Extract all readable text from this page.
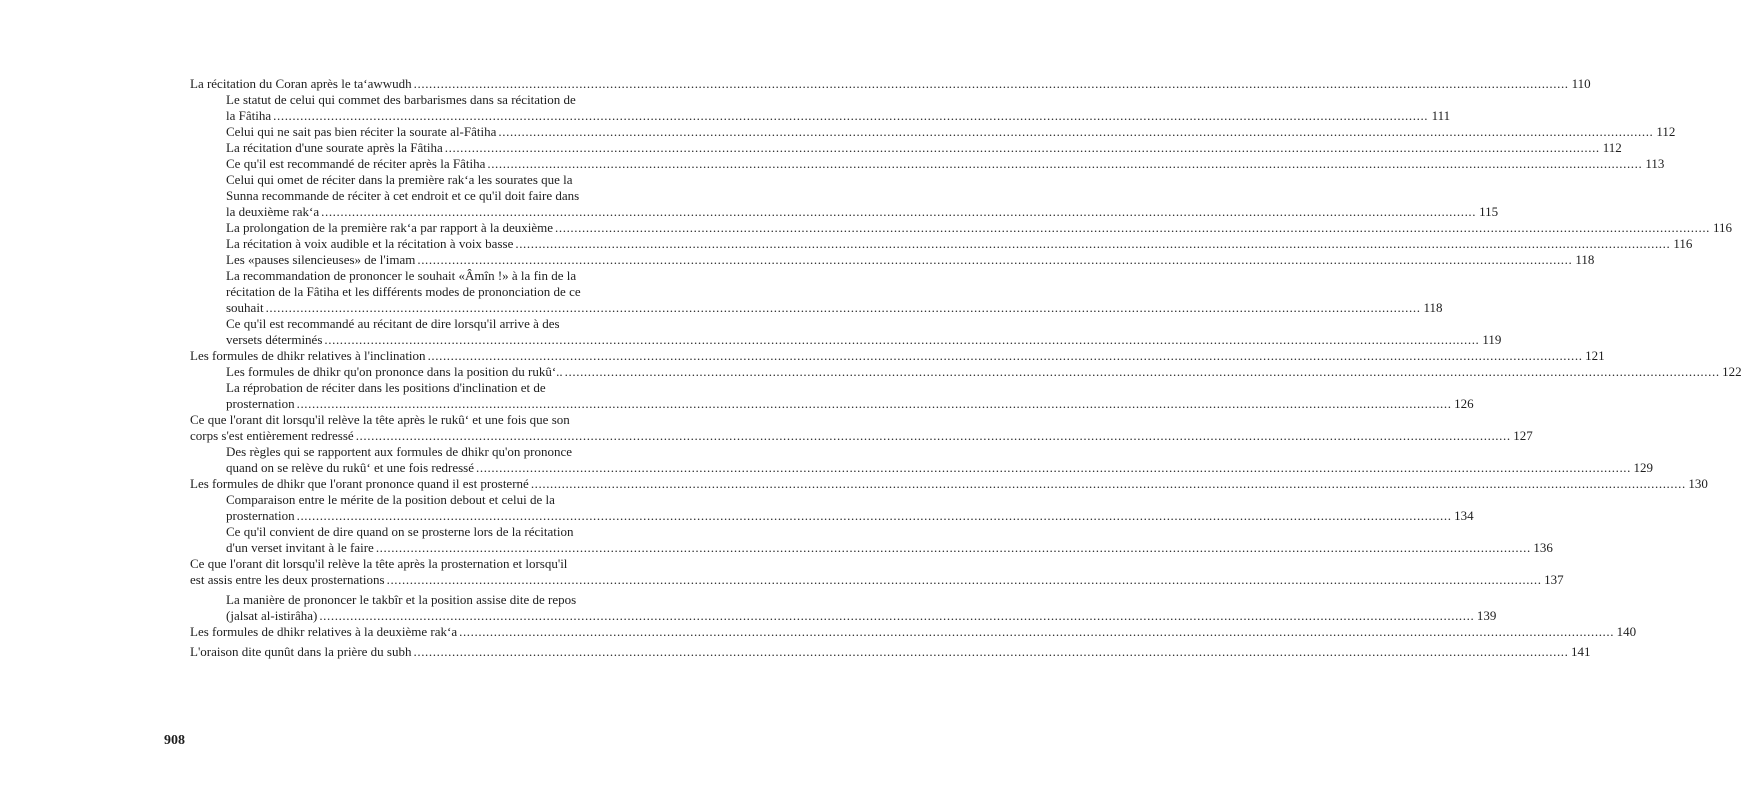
La récitation du Coran après le ta‘awwudh ............................................................................................................................................................................................................................................................................................................ 110
Le statut de celui qui commet des barbarismes dans sa récitation de
la Fâtiha ............................................................................................................................................................................................................................................................................................................ 111
Celui qui ne sait pas bien réciter la sourate al-Fâtiha ............................................................................................................................................................................................................................................................................................................ 112
La récitation d'une sourate après la Fâtiha ............................................................................................................................................................................................................................................................................................................ 112
Ce qu'il est recommandé de réciter après la Fâtiha ............................................................................................................................................................................................................................................................................................................ 113
Celui qui omet de réciter dans la première rak‘a les sourates que la
Sunna recommande de réciter à cet endroit et ce qu'il doit faire dans
la deuxième rak‘a ............................................................................................................................................................................................................................................................................................................ 115
La prolongation de la première rak‘a par rapport à la deuxième ............................................................................................................................................................................................................................................................................................................ 116
La récitation à voix audible et la récitation à voix basse ............................................................................................................................................................................................................................................................................................................ 116
Les «pauses silencieuses» de l'imam ............................................................................................................................................................................................................................................................................................................ 118
La recommandation de prononcer le souhait «Âmîn !» à la fin de la
récitation de la Fâtiha et les différents modes de prononciation de ce
souhait ............................................................................................................................................................................................................................................................................................................ 118
Ce qu'il est recommandé au récitant de dire lorsqu'il arrive à des
versets déterminés ............................................................................................................................................................................................................................................................................................................ 119
Les formules de dhikr relatives à l'inclination ............................................................................................................................................................................................................................................................................................................ 121
Les formules de dhikr qu'on prononce dans la position du rukû‘.. ............................................................................................................................................................................................................................................................................................................ 122
La réprobation de réciter dans les positions d'inclination et de
prosternation ............................................................................................................................................................................................................................................................................................................ 126
Ce que l'orant dit lorsqu'il relève la tête après le rukû‘ et une fois que son
corps s'est entièrement redressé ............................................................................................................................................................................................................................................................................................................ 127
Des règles qui se rapportent aux formules de dhikr qu'on prononce
quand on se relève du rukû‘ et une fois redressé ............................................................................................................................................................................................................................................................................................................ 129
Les formules de dhikr que l'orant prononce quand il est prosterné ............................................................................................................................................................................................................................................................................................................ 130
Comparaison entre le mérite de la position debout et celui de la
prosternation ............................................................................................................................................................................................................................................................................................................ 134
Ce qu'il convient de dire quand on se prosterne lors de la récitation
d'un verset invitant à le faire ............................................................................................................................................................................................................................................................................................................ 136
Ce que l'orant dit lorsqu'il relève la tête après la prosternation et lorsqu'il
est assis entre les deux prosternations ............................................................................................................................................................................................................................................................................................................ 137
La manière de prononcer le takbîr et la position assise dite de repos
(jalsat al-istirâha) ............................................................................................................................................................................................................................................................................................................ 139
Les formules de dhikr relatives à la deuxième rak‘a ............................................................................................................................................................................................................................................................................................................ 140
L'oraison dite qunût dans la prière du subh ............................................................................................................................................................................................................................................................................................................ 141
908
